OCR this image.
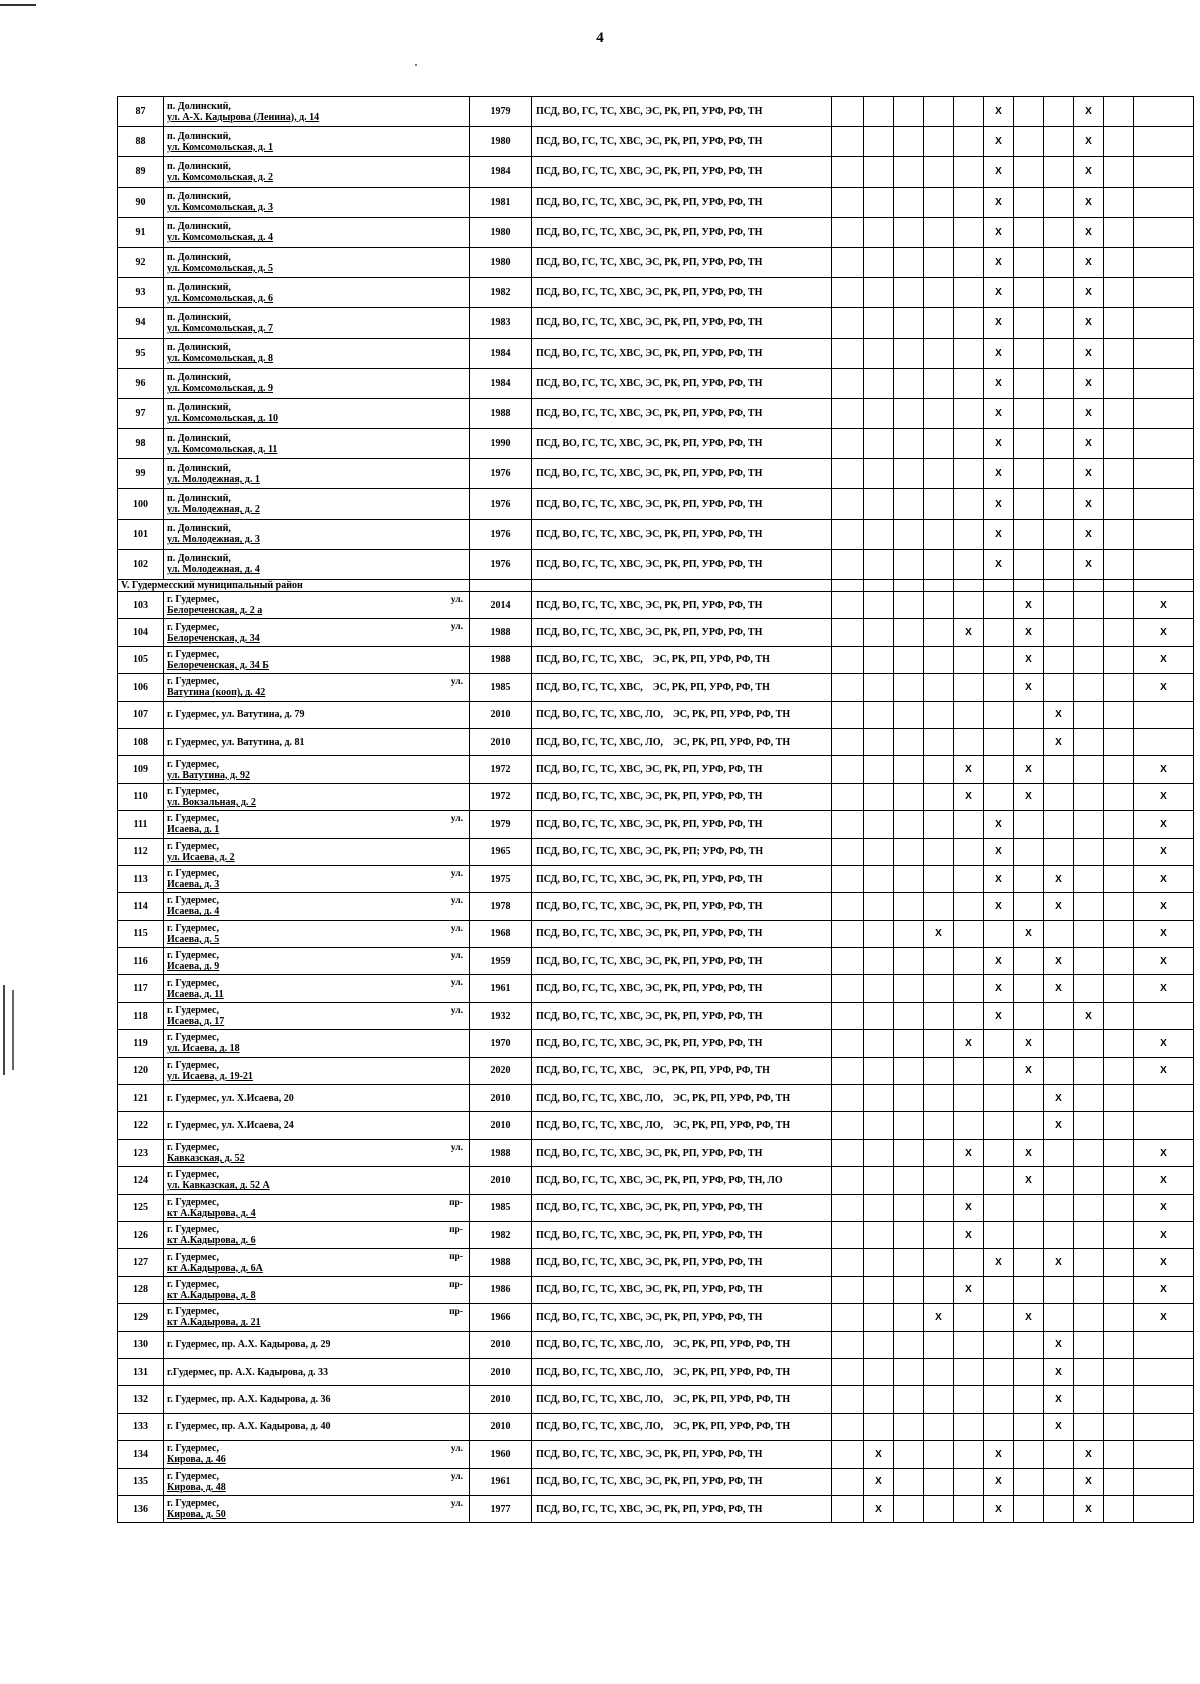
4
87	п. Долинский,
ул. А-Х. Кадырова (Ленина), д. 14	1979	ПСД, ВО, ГС, ТС, ХВС, ЭС, РК, РП, УРФ, РФ, ТН						X			X		
88	п. Долинский,
ул. Комсомольская, д. 1	1980	ПСД, ВО, ГС, ТС, ХВС, ЭС, РК, РП, УРФ, РФ, ТН						X			X		
89	п. Долинский,
ул. Комсомольская, д. 2	1984	ПСД, ВО, ГС, ТС, ХВС, ЭС, РК, РП, УРФ, РФ, ТН						X			X		
90	п. Долинский,
ул. Комсомольская, д. 3	1981	ПСД, ВО, ГС, ТС, ХВС, ЭС, РК, РП, УРФ, РФ, ТН						X			X		
91	п. Долинский,
ул. Комсомольская, д. 4	1980	ПСД, ВО, ГС, ТС, ХВС, ЭС, РК, РП, УРФ, РФ, ТН						X			X		
92	п. Долинский,
ул. Комсомольская, д. 5	1980	ПСД, ВО, ГС, ТС, ХВС, ЭС, РК, РП, УРФ, РФ, ТН						X			X		
93	п. Долинский,
ул. Комсомольская, д. 6	1982	ПСД, ВО, ГС, ТС, ХВС, ЭС, РК, РП, УРФ, РФ, ТН						X			X		
94	п. Долинский,
ул. Комсомольская, д. 7	1983	ПСД, ВО, ГС, ТС, ХВС, ЭС, РК, РП, УРФ, РФ, ТН						X			X		
95	п. Долинский,
ул. Комсомольская, д. 8	1984	ПСД, ВО, ГС, ТС, ХВС, ЭС, РК, РП, УРФ, РФ, ТН						X			X		
96	п. Долинский,
ул. Комсомольская, д. 9	1984	ПСД, ВО, ГС, ТС, ХВС, ЭС, РК, РП, УРФ, РФ, ТН						X			X		
97	п. Долинский,
ул. Комсомольская, д. 10	1988	ПСД, ВО, ГС, ТС, ХВС, ЭС, РК, РП, УРФ, РФ, ТН						X			X		
98	п. Долинский,
ул. Комсомольская, д. 11	1990	ПСД, ВО, ГС, ТС, ХВС, ЭС, РК, РП, УРФ, РФ, ТН						X			X		
99	п. Долинский,
ул. Молодежная, д. 1	1976	ПСД, ВО, ГС, ТС, ХВС, ЭС, РК, РП, УРФ, РФ, ТН						X			X		
100	п. Долинский,
ул. Молодежная, д. 2	1976	ПСД, ВО, ГС, ТС, ХВС, ЭС, РК, РП, УРФ, РФ, ТН						X			X		
101	п. Долинский,
ул. Молодежная, д. 3	1976	ПСД, ВО, ГС, ТС, ХВС, ЭС, РК, РП, УРФ, РФ, ТН						X			X		
102	п. Долинский,
ул. Молодежная, д. 4	1976	ПСД, ВО, ГС, ТС, ХВС, ЭС, РК, РП, УРФ, РФ, ТН						X			X		
V. Гудермесский муниципальный район														
103	г. Гудермес,
Белореченская, д. 2 а
ул.	2014	ПСД, ВО, ГС, ТС, ХВС, ЭС, РК, РП, УРФ, РФ, ТН							X				X
104	г. Гудермес,
Белореченская, д. 34
ул.	1988	ПСД, ВО, ГС, ТС, ХВС, ЭС, РК, РП, УРФ, РФ, ТН					X		X				X
105	г. Гудермес,
Белореченская, д. 34 Б	1988	ПСД, ВО, ГС, ТС, ХВС,    ЭС, РК, РП, УРФ, РФ, ТН							X				X
106	г. Гудермес,
Ватутина (кооп), д. 42
ул.	1985	ПСД, ВО, ГС, ТС, ХВС,    ЭС, РК, РП, УРФ, РФ, ТН							X				X
107	г. Гудермес, ул. Ватутина, д. 79	2010	ПСД, ВО, ГС, ТС, ХВС, ЛО,    ЭС, РК, РП, УРФ, РФ, ТН								X			
108	г. Гудермес, ул. Ватутина, д. 81	2010	ПСД, ВО, ГС, ТС, ХВС, ЛО,    ЭС, РК, РП, УРФ, РФ, ТН								X			
109	г. Гудермес,
ул. Ватутина, д. 92	1972	ПСД, ВО, ГС, ТС, ХВС, ЭС, РК, РП, УРФ, РФ, ТН					X		X				X
110	г. Гудермес,
ул. Вокзальная, д. 2	1972	ПСД, ВО, ГС, ТС, ХВС, ЭС, РК, РП, УРФ, РФ, ТН					X		X				X
111	г. Гудермес,
Исаева, д. 1
ул.	1979	ПСД, ВО, ГС, ТС, ХВС, ЭС, РК, РП, УРФ, РФ, ТН						X					X
112	г. Гудермес,
ул. Исаева, д. 2	1965	ПСД, ВО, ГС, ТС, ХВС, ЭС, РК, РП; УРФ, РФ, ТН						X					X
113	г. Гудермес,
Исаева, д. 3
ул.	1975	ПСД, ВО, ГС, ТС, ХВС, ЭС, РК, РП, УРФ, РФ, ТН						X		X			X
114	г. Гудермес,
Исаева, д. 4
ул.	1978	ПСД, ВО, ГС, ТС, ХВС, ЭС, РК, РП, УРФ, РФ, ТН						X		X			X
115	г. Гудермес,
Исаева, д. 5
ул.	1968	ПСД, ВО, ГС, ТС, ХВС, ЭС, РК, РП, УРФ, РФ, ТН				X			X				X
116	г. Гудермес,
Исаева, д. 9
ул.	1959	ПСД, ВО, ГС, ТС, ХВС, ЭС, РК, РП, УРФ, РФ, ТН						X		X			X
117	г. Гудермес,
Исаева, д. 11
ул.	1961	ПСД, ВО, ГС, ТС, ХВС, ЭС, РК, РП, УРФ, РФ, ТН						X		X			X
118	г. Гудермес,
Исаева, д. 17
ул.	1932	ПСД, ВО, ГС, ТС, ХВС, ЭС, РК, РП, УРФ, РФ, ТН						X			X		
119	г. Гудермес,
ул. Исаева, д. 18	1970	ПСД, ВО, ГС, ТС, ХВС, ЭС, РК, РП, УРФ, РФ, ТН					X		X				X
120	г. Гудермес,
ул. Исаева, д. 19-21	2020	ПСД, ВО, ГС, ТС, ХВС,    ЭС, РК, РП, УРФ, РФ, ТН							X				X
121	г. Гудермес, ул. Х.Исаева, 20	2010	ПСД, ВО, ГС, ТС, ХВС, ЛО,    ЭС, РК, РП, УРФ, РФ, ТН								X			
122	г. Гудермес, ул. Х.Исаева, 24	2010	ПСД, ВО, ГС, ТС, ХВС, ЛО,    ЭС, РК, РП, УРФ, РФ, ТН								X			
123	г. Гудермес,
Кавказская, д. 52
ул.	1988	ПСД, ВО, ГС, ТС, ХВС, ЭС, РК, РП, УРФ, РФ, ТН					X		X				X
124	г. Гудермес,
ул. Кавказская, д. 52 А	2010	ПСД, ВО, ГС, ТС, ХВС, ЭС, РК, РП, УРФ, РФ, ТН, ЛО							X				X
125	г. Гудермес,
кт А.Кадырова, д. 4
пр-	1985	ПСД, ВО, ГС, ТС, ХВС, ЭС, РК, РП, УРФ, РФ, ТН					X						X
126	г. Гудермес,
кт А.Кадырова, д. 6
пр-	1982	ПСД, ВО, ГС, ТС, ХВС, ЭС, РК, РП, УРФ, РФ, ТН					X						X
127	г. Гудермес,
кт А.Кадырова, д. 6А
пр-	1988	ПСД, ВО, ГС, ТС, ХВС, ЭС, РК, РП, УРФ, РФ, ТН						X		X			X
128	г. Гудермес,
кт А.Кадырова, д. 8
пр-	1986	ПСД, ВО, ГС, ТС, ХВС, ЭС, РК, РП, УРФ, РФ, ТН					X						X
129	г. Гудермес,
кт А.Кадырова, д. 21
пр-	1966	ПСД, ВО, ГС, ТС, ХВС, ЭС, РК, РП, УРФ, РФ, ТН				X			X				X
130	г. Гудермес, пр. А.Х. Кадырова, д. 29	2010	ПСД, ВО, ГС, ТС, ХВС, ЛО,    ЭС, РК, РП, УРФ, РФ, ТН								X			
131	г.Гудермес, пр. А.Х. Кадырова, д. 33	2010	ПСД, ВО, ГС, ТС, ХВС, ЛО,    ЭС, РК, РП, УРФ, РФ, ТН								X			
132	г. Гудермес, пр. А.Х. Кадырова, д. 36	2010	ПСД, ВО, ГС, ТС, ХВС, ЛО,    ЭС, РК, РП, УРФ, РФ, ТН								X			
133	г. Гудермес, пр. А.Х. Кадырова, д. 40	2010	ПСД, ВО, ГС, ТС, ХВС, ЛО,    ЭС, РК, РП, УРФ, РФ, ТН								X			
134	г. Гудермес,
Кирова, д. 46
ул.	1960	ПСД, ВО, ГС, ТС, ХВС, ЭС, РК, РП, УРФ, РФ, ТН		X				X			X		
135	г. Гудермес,
Кирова, д. 48
ул.	1961	ПСД, ВО, ГС, ТС, ХВС, ЭС, РК, РП, УРФ, РФ, ТН		X				X			X		
136	г. Гудермес,
Кирова, д. 50
ул.	1977	ПСД, ВО, ГС, ТС, ХВС, ЭС, РК, РП, УРФ, РФ, ТН		X				X			X		
